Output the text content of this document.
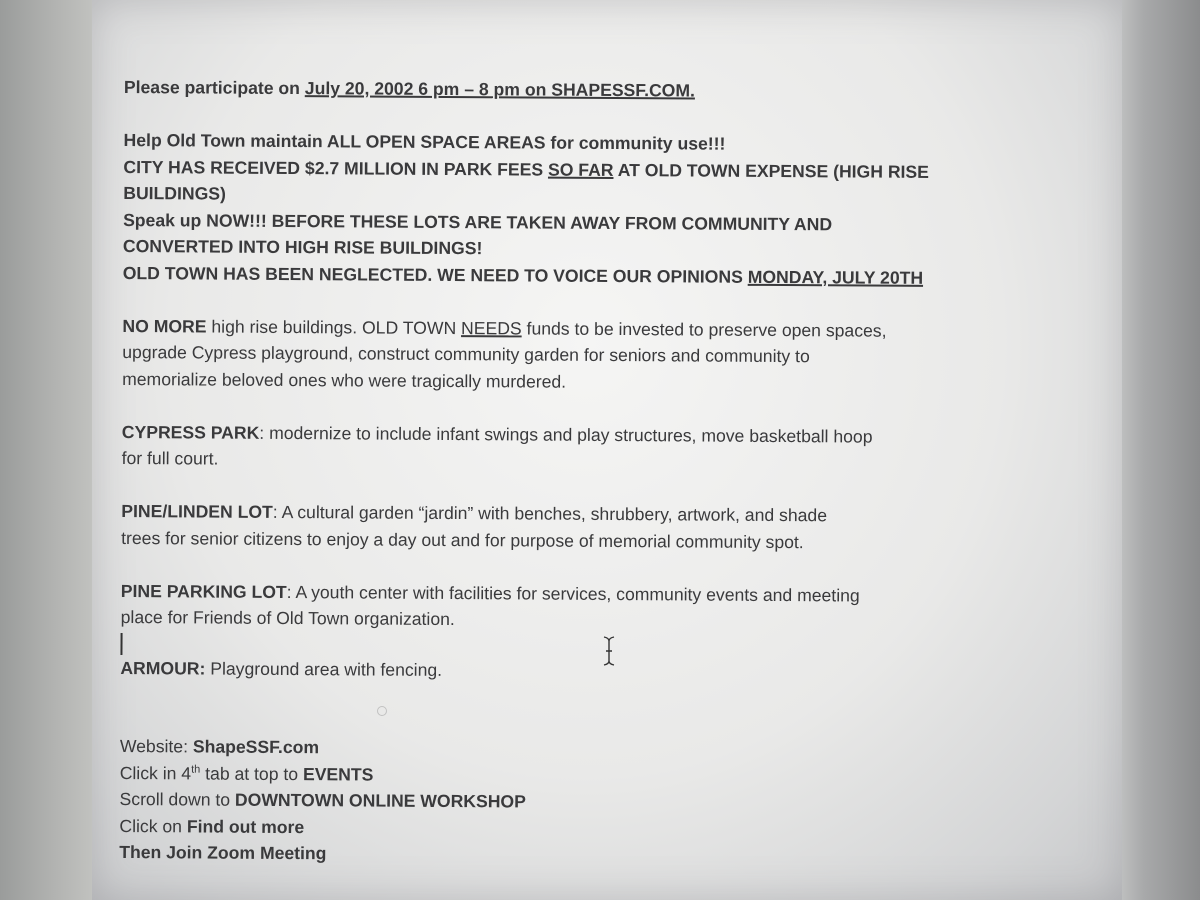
Please participate on July 20, 2002 6 pm – 8 pm on SHAPESSF.COM.

Help Old Town maintain ALL OPEN SPACE AREAS for community use!!!

CITY HAS RECEIVED $2.7 MILLION IN PARK FEES SO FAR AT OLD TOWN EXPENSE (HIGH RISE

BUILDINGS)

Speak up NOW!!! BEFORE THESE LOTS ARE TAKEN AWAY FROM COMMUNITY AND

CONVERTED INTO HIGH RISE BUILDINGS!

OLD TOWN HAS BEEN NEGLECTED. WE NEED TO VOICE OUR OPINIONS MONDAY, JULY 20TH

NO MORE high rise buildings. OLD TOWN NEEDS funds to be invested to preserve open spaces,

upgrade Cypress playground, construct community garden for seniors and community to

memorialize beloved ones who were tragically murdered.

CYPRESS PARK: modernize to include infant swings and play structures, move basketball hoop

for full court.

PINE/LINDEN LOT: A cultural garden “jardin” with benches, shrubbery, artwork, and shade

trees for senior citizens to enjoy a day out and for purpose of memorial community spot.

PINE PARKING LOT: A youth center with facilities for services, community events and meeting

place for Friends of Old Town organization.

ARMOUR: Playground area with fencing.

Website: ShapeSSF.com

Click in 4th tab at top to EVENTS

Scroll down to DOWNTOWN ONLINE WORKSHOP

Click on Find out more

Then Join Zoom Meeting
